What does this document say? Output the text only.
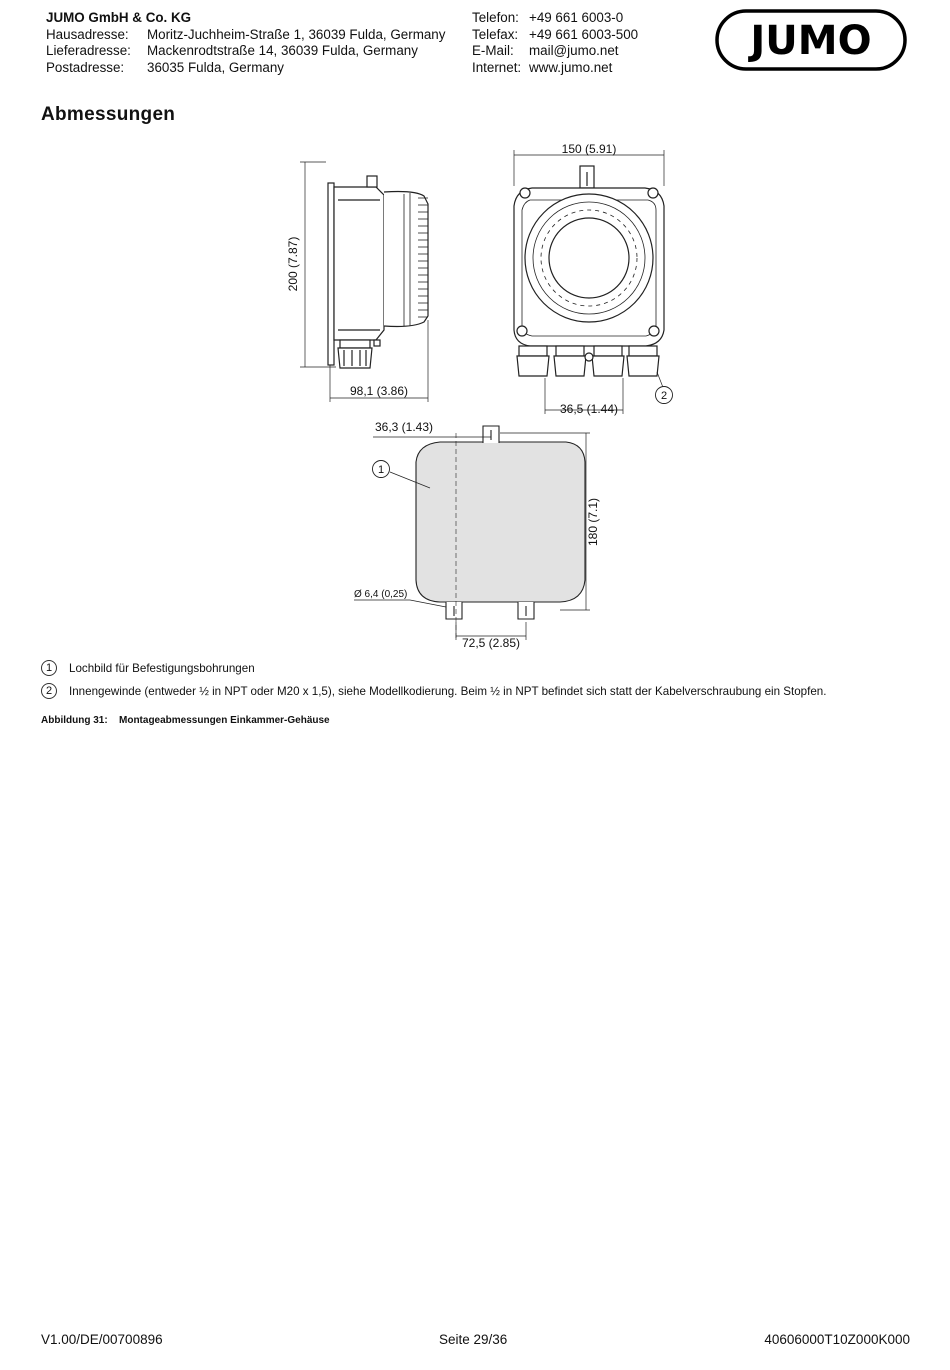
JUMO GmbH & Co. KG
Hausadresse:	Moritz-Juchheim-Straße 1, 36039 Fulda, Germany
Lieferadresse:	Mackenrodtstraße 14, 36039 Fulda, Germany
Postadresse:	36035 Fulda, Germany
Telefon: +49 661 6003-0
Telefax: +49 661 6003-500
E-Mail:	mail@jumo.net
Internet: www.jumo.net
JUMO
Abmessungen
150 (5.91)
200 (7.87)
98,1 (3.86)
36,5 (1.44)
36,3 (1.43)
180 (7.1)
Ø 6,4 (0,25)
72,5 (2.85)
2
1
1	Lochbild für Befestigungsbohrungen
2	Innengewinde (entweder ½ in NPT oder M20 x 1,5), siehe Modellkodierung. Beim ½ in NPT befindet sich statt der Kabelverschraubung ein Stopfen.
Abbildung 31: Montageabmessungen Einkammer-Gehäuse
V1.00/DE/00700896	Seite 29/36	40606000T10Z000K000
